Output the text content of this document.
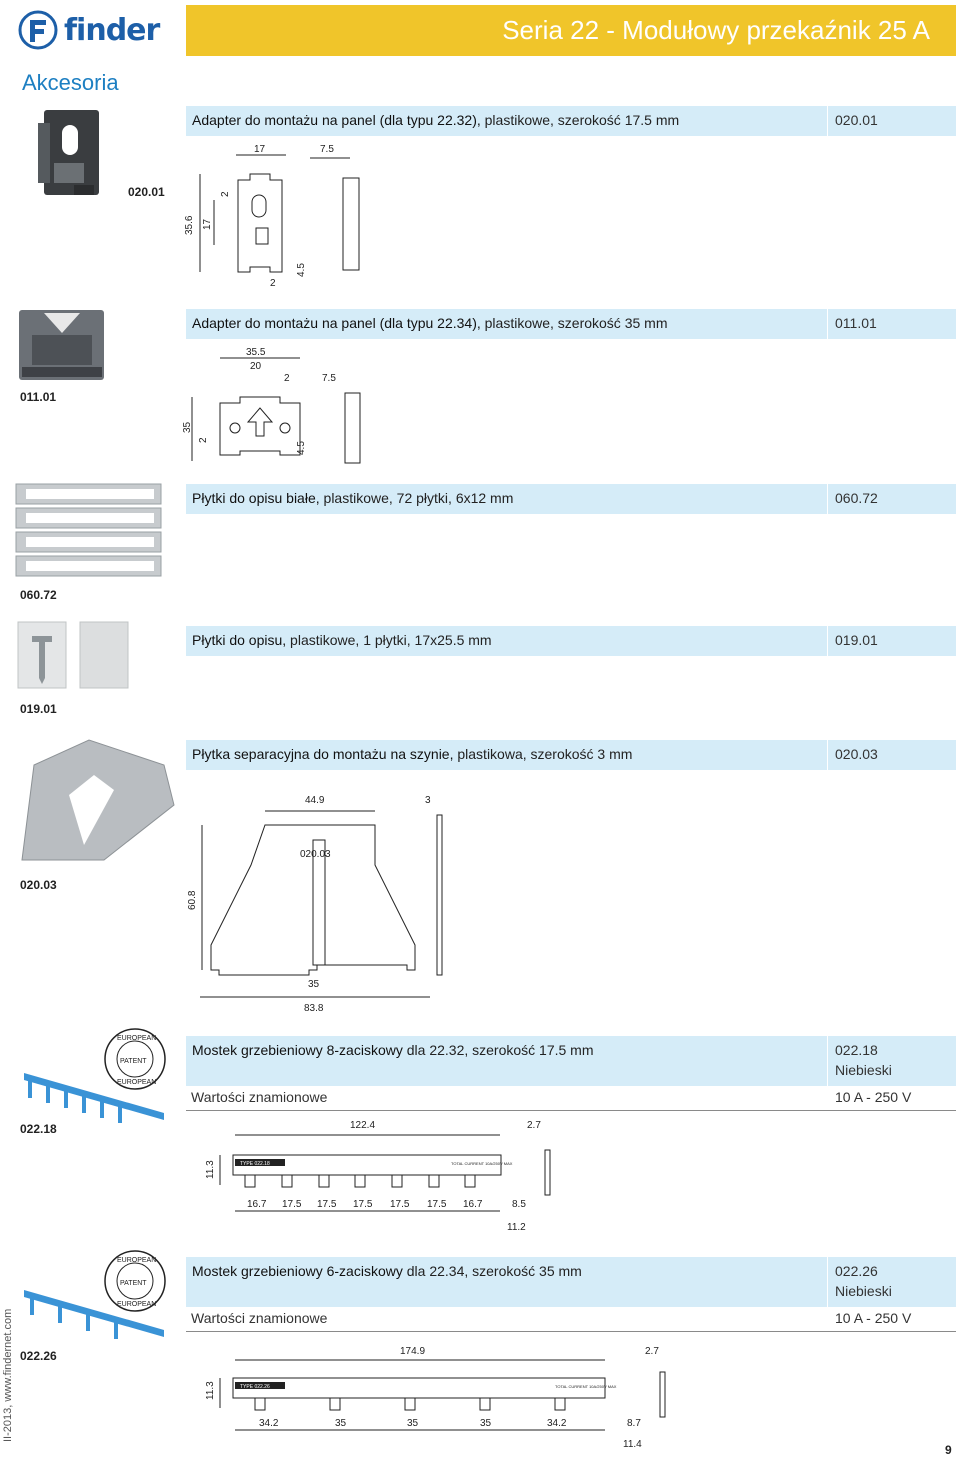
finder	Seria 22 - Modułowy przekaźnik 25 A
Akcesoria
020.01
Adapter do montażu na panel (dla typu 22.32), plastikowe, szerokość 17.5 mm	020.01
17	7.5
35.6 17
2
2
4.5
011.01
Adapter do montażu na panel (dla typu 22.34), plastikowe, szerokość 35 mm	011.01
35.5
20
2	7.5
35
2
4.5
060.72
Płytki do opisu białe, plastikowe, 72 płytki, 6x12 mm	060.72
019.01
Płytki do opisu, plastikowe, 1 płytki, 17x25.5 mm	019.01
020.03
Płytka separacyjna do montażu na szynie, plastikowa, szerokość 3 mm	020.03
44.9	3
020.03
60.8
35
83.8
EUROPEAN
PATENT
EUROPEAN
022.18
Mostek grzebieniowy 8-zaciskowy dla 22.32, szerokość 17.5 mm	022.18
Niebieski
Wartości znamionowe	10 A - 250 V
122.4	2.7
TYPE 022.18	TOTAL CURRENT 10A/250V MAX
11.3
16.7 17.5 17.5 17.5 17.5 17.5 16.7	8.5
11.2
EUROPEAN
PATENT
EUROPEAN
022.26
Mostek grzebieniowy 6-zaciskowy dla 22.34, szerokość 35 mm	022.26
Niebieski
Wartości znamionowe	10 A - 250 V
174.9	2.7
TYPE 022.26	TOTAL CURRENT 10A/250V MAX
11.3
34.2	35	35	35	34.2	8.7
11.4
II-2013, www.findernet.com
9
